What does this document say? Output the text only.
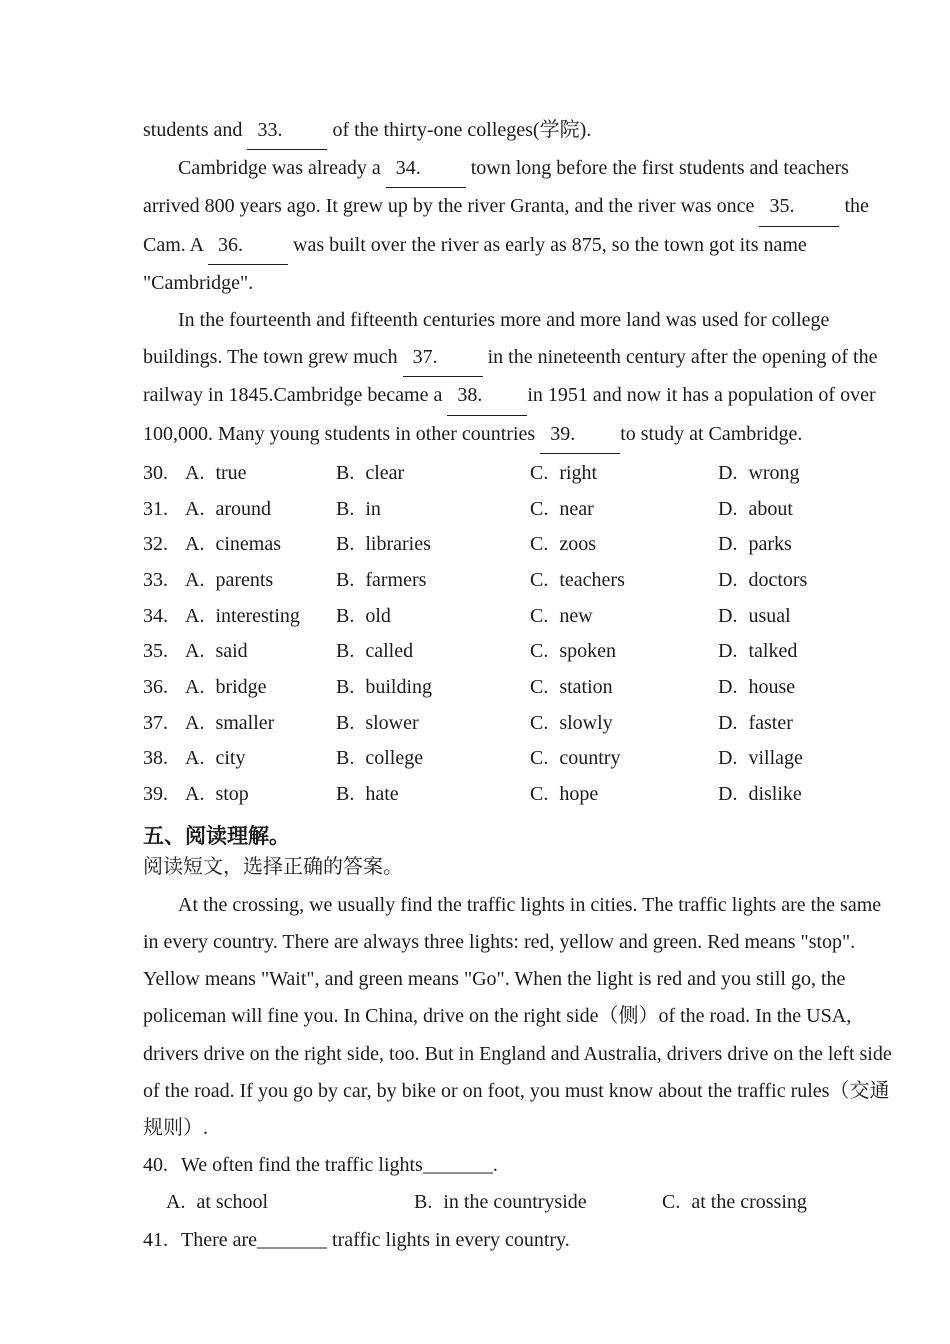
students and 33. of the thirty-one colleges(学院).
Cambridge was already a 34. town long before the first students and teachers
arrived 800 years ago. It grew up by the river Granta, and the river was once 35. the
Cam. A 36. was built over the river as early as 875, so the town got its name
"Cambridge".
In the fourteenth and fifteenth centuries more and more land was used for college
buildings. The town grew much 37. in the nineteenth century after the opening of the
railway in 1845.Cambridge became a 38. in 1951 and now it has a population of over
100,000. Many young students in other countries 39. to study at Cambridge.
30. A. true	B. clear	C. right	D. wrong
31. A. around	B. in	C. near	D. about
32. A. cinemas	B. libraries	C. zoos	D. parks
33. A. parents	B. farmers	C. teachers	D. doctors
34. A. interesting	B. old	C. new	D. usual
35. A. said	B. called	C. spoken	D. talked
36. A. bridge	B. building	C. station	D. house
37. A. smaller	B. slower	C. slowly	D. faster
38. A. city	B. college	C. country	D. village
39. A. stop	B. hate	C. hope	D. dislike
五、阅读理解。
阅读短文，选择正确的答案。
At the crossing, we usually find the traffic lights in cities. The traffic lights are the same
in every country. There are always three lights: red, yellow and green. Red means "stop".
Yellow means "Wait", and green means "Go". When the light is red and you still go, the
policeman will fine you. In China, drive on the right side（侧）of the road. In the USA,
drivers drive on the right side, too. But in England and Australia, drivers drive on the left side
of the road. If you go by car, by bike or on foot, you must know about the traffic rules（交通
规则）.
40. We often find the traffic lights_______.
A. at school	B. in the countryside	C. at the crossing
41. There are_______ traffic lights in every country.
